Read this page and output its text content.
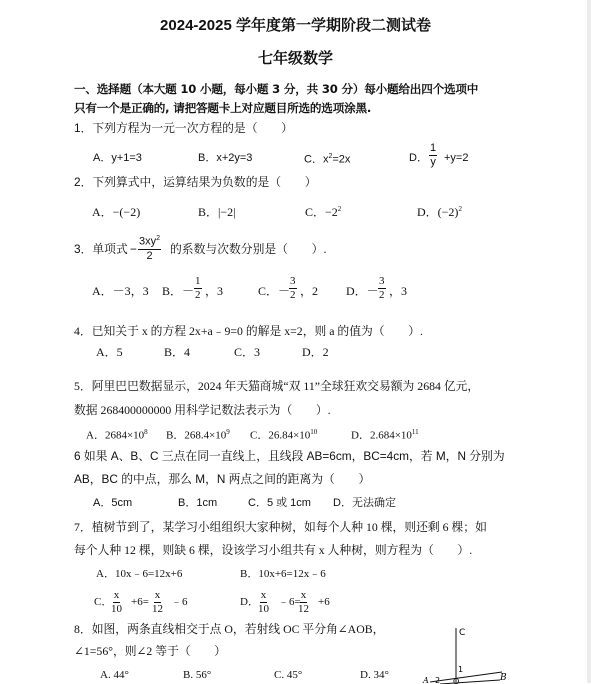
2024-2025 学年度第一学期阶段二测试卷
七年级数学
一、选择题（本大题 10 小题，每小题 3 分，共 30 分）每小题给出四个选项中
只有一个是正确的, 请把答题卡上对应题目所选的选项涂黑.
1．下列方程为一元一次方程的是（　　）
A．y+1=3	B．x+2y=3	C．$x^2=2x$	D． $\frac{1}{y} +y=2$
2．下列算式中，运算结果为负数的是（　　）
A．−(−2)	B．|−2|	C．$-2^2$	D．$(-2)^2$
3．单项式 − $\frac{3xy^2}{2}$ 的系数与次数分别是（　　）.
A．－3，3 B．－ $\frac{1}{2}$ ，3	C．－
$\frac{3}{2}$ ，2 D．－ $\frac{3}{2}$ ，3
4．已知关于 x 的方程 2x+a﹣9=0 的解是 x=2，则 a 的值为（　　）.
A．5	B．4	C．3	D．2
5．阿里巴巴数据显示，2024 年天猫商城“双 11”全球狂欢交易额为 2684 亿元，
数据 268400000000 用科学记数法表示为（　　）.
A．$2684\times 10^8$ B．$268.4\times 10^9$ C．$26.84\times 10^{10}$	D．$2.684\times 10^{11}$
6 如果 A、B、C 三点在同一直线上，且线段 AB=6cm，BC=4cm，若 M，N 分别为
AB，BC 的中点，那么 M，N 两点之间的距离为（　　）
A．5cm	B．1cm	C．5 或 1cm D．无法确定
7．植树节到了，某学习小组组织大家种树，如每个人种 10 棵，则还剩 6 棵；如
每个人种 12 棵，则缺 6 棵，设该学习小组共有 x 人种树，则方程为（　　）.
A．10x﹣6=12x+6	B．10x+6=12x﹣6
C．
$\frac{x}{10} +6= \frac{x}{12}$ ﹣6	D． $\frac{x}{10}$ ﹣6=
$\frac{x}{12} +6$
8．如图，两条直线相交于点 O，若射线 OC 平分角∠AOB，
∠1=56°，则∠2 等于（　　）
A. 44°	B. 56°	C. 45°	D. 34°
C
B
1
2 O
A
